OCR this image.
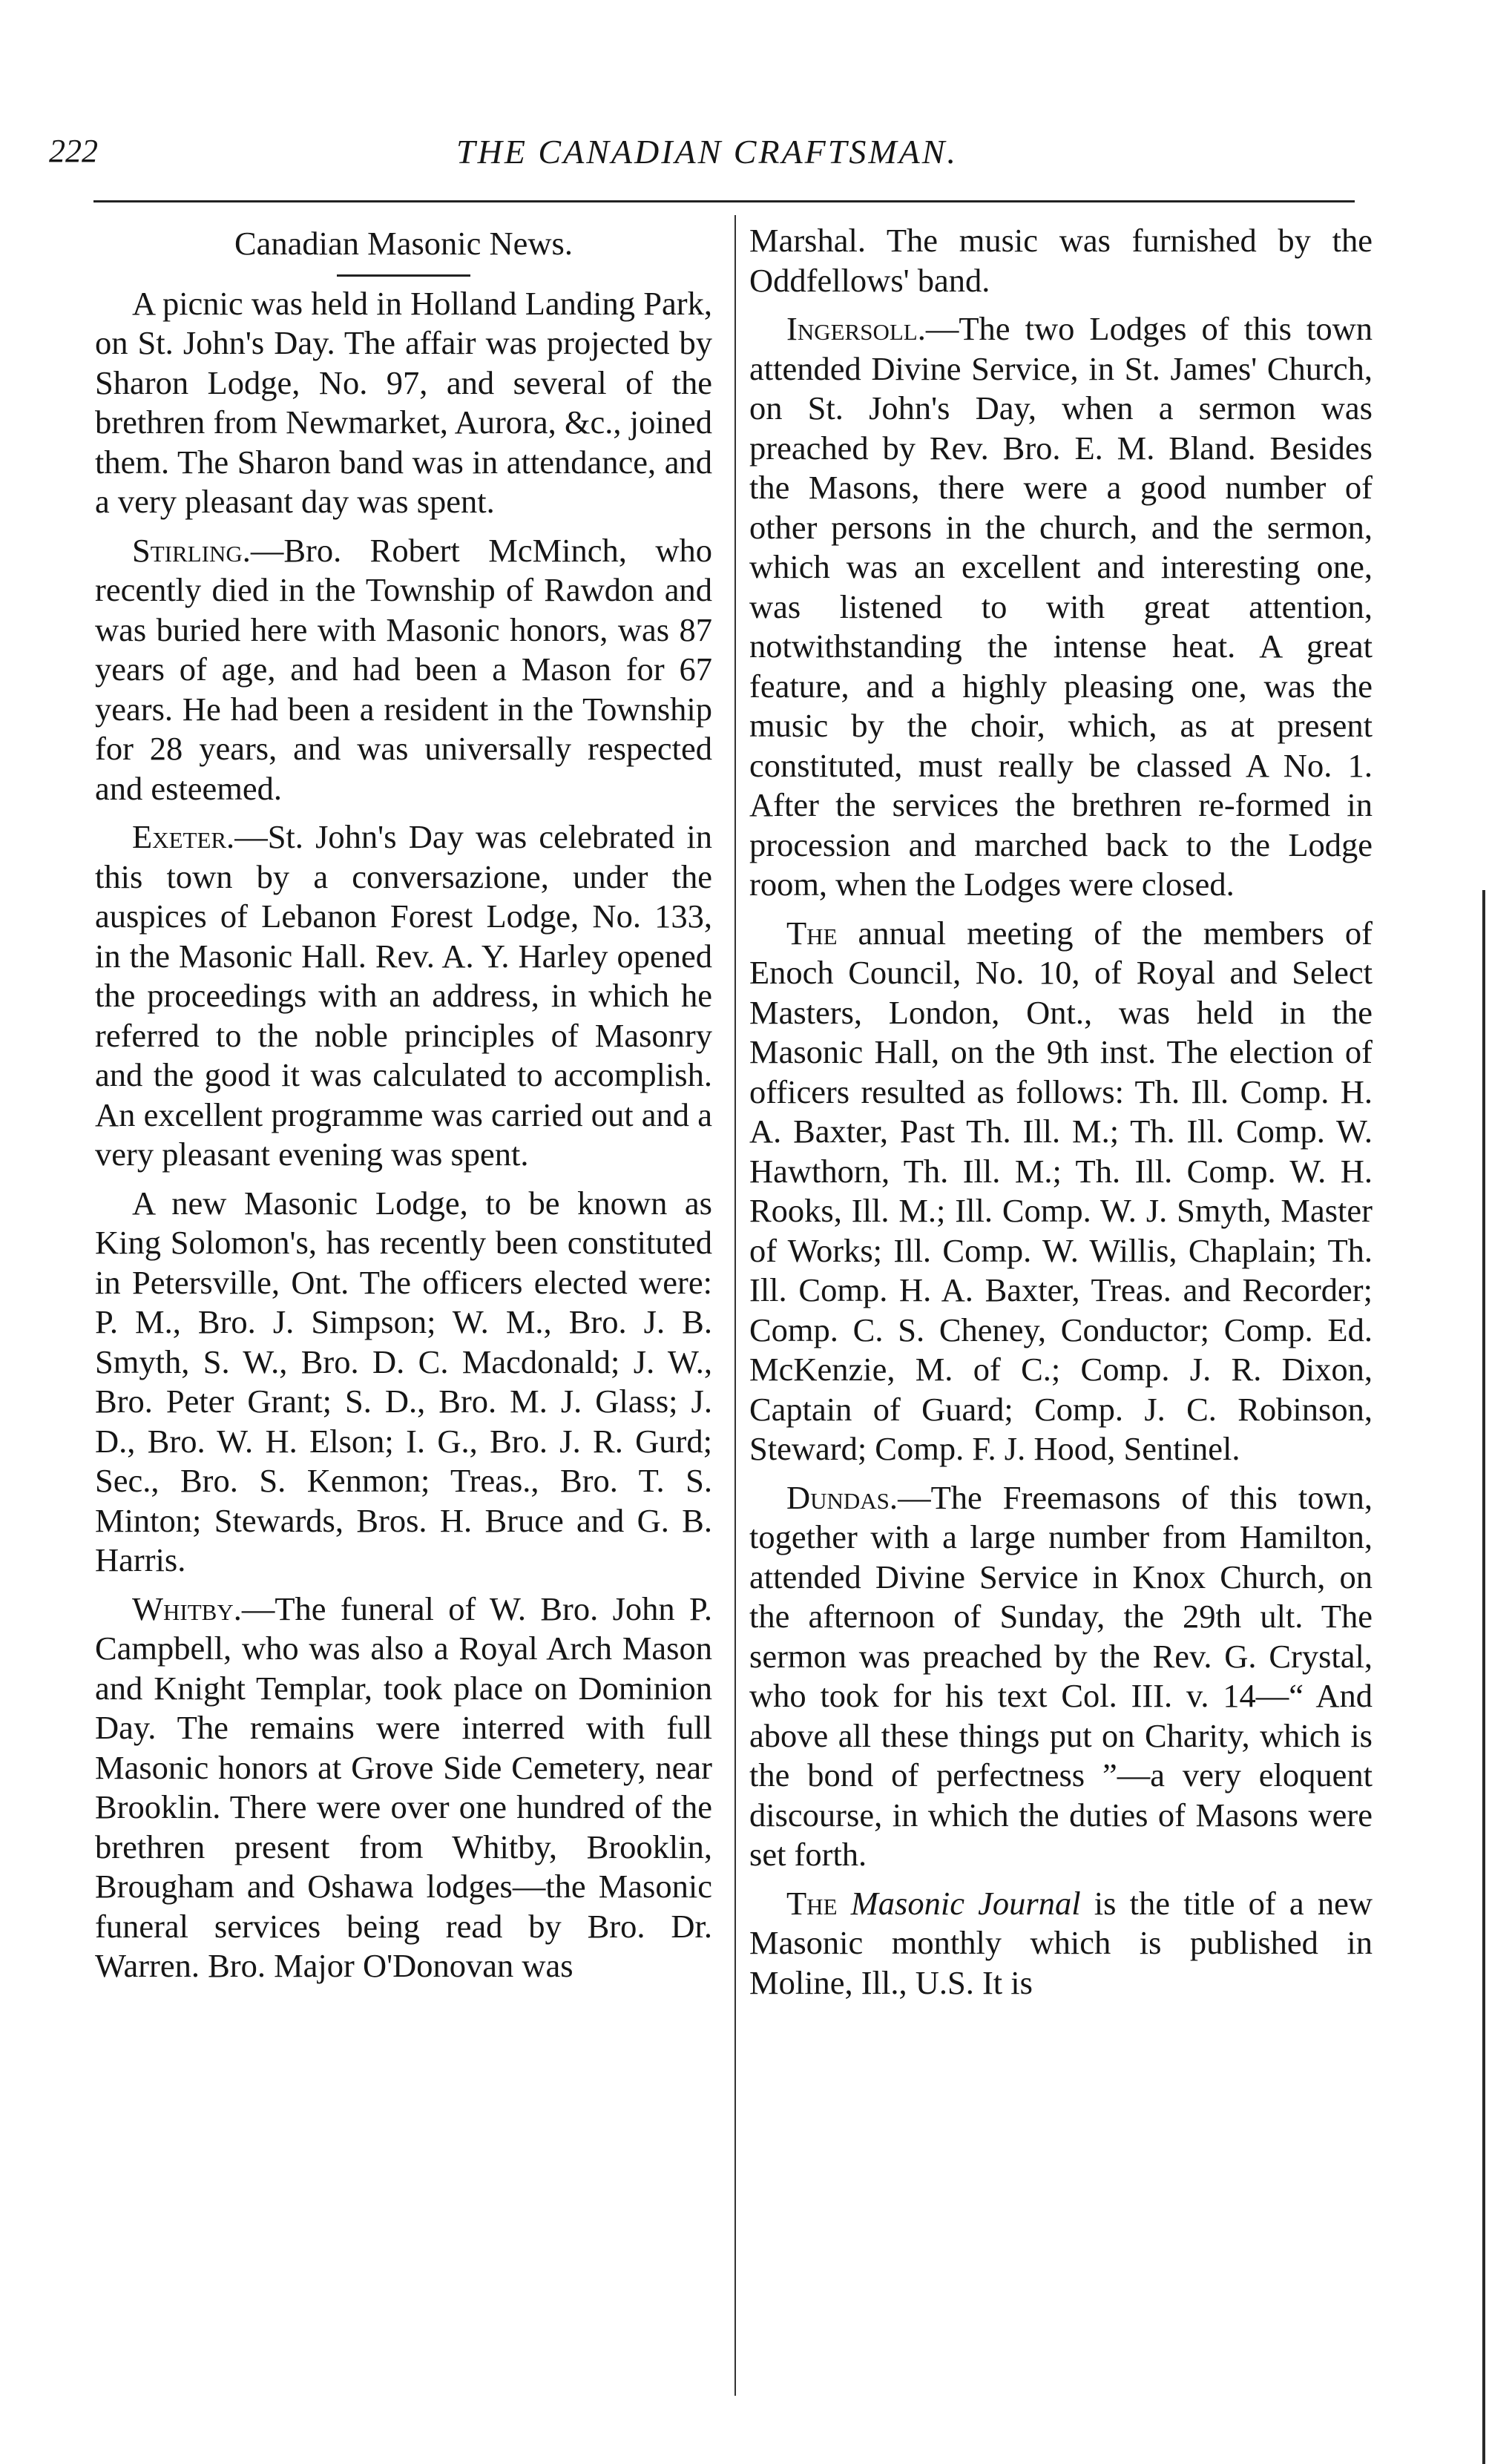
222	THE CANADIAN CRAFTSMAN.
Canadian Masonic News.

A picnic was held in Holland Landing Park, on St. John's Day. The affair was projected by Sharon Lodge, No. 97, and several of the brethren from Newmarket, Aurora, &c., joined them. The Sharon band was in attendance, and a very pleasant day was spent.

Stirling.—Bro. Robert McMinch, who recently died in the Township of Rawdon and was buried here with Masonic honors, was 87 years of age, and had been a Mason for 67 years. He had been a resident in the Township for 28 years, and was universally respected and esteemed.

Exeter.—St. John's Day was celebrated in this town by a conversazione, under the auspices of Lebanon Forest Lodge, No. 133, in the Masonic Hall. Rev. A. Y. Harley opened the proceedings with an address, in which he referred to the noble principles of Masonry and the good it was calculated to accomplish. An excellent programme was carried out and a very pleasant evening was spent.

A new Masonic Lodge, to be known as King Solomon's, has recently been constituted in Petersville, Ont. The officers elected were: P. M., Bro. J. Simpson; W. M., Bro. J. B. Smyth, S. W., Bro. D. C. Macdonald; J. W., Bro. Peter Grant; S. D., Bro. M. J. Glass; J. D., Bro. W. H. Elson; I. G., Bro. J. R. Gurd; Sec., Bro. S. Kenmon; Treas., Bro. T. S. Minton; Stewards, Bros. H. Bruce and G. B. Harris.

Whitby.—The funeral of W. Bro. John P. Campbell, who was also a Royal Arch Mason and Knight Templar, took place on Dominion Day. The remains were interred with full Masonic honors at Grove Side Cemetery, near Brooklin. There were over one hundred of the brethren present from Whitby, Brooklin, Brougham and Oshawa lodges—the Masonic funeral services being read by Bro. Dr. Warren. Bro. Major O'Donovan was

Marshal. The music was furnished by the Oddfellows' band.

Ingersoll.—The two Lodges of this town attended Divine Service, in St. James' Church, on St. John's Day, when a sermon was preached by Rev. Bro. E. M. Bland. Besides the Masons, there were a good number of other persons in the church, and the sermon, which was an excellent and interesting one, was listened to with great attention, notwithstanding the intense heat. A great feature, and a highly pleasing one, was the music by the choir, which, as at present constituted, must really be classed A No. 1. After the services the brethren re-formed in procession and marched back to the Lodge room, when the Lodges were closed.

The annual meeting of the members of Enoch Council, No. 10, of Royal and Select Masters, London, Ont., was held in the Masonic Hall, on the 9th inst. The election of officers resulted as follows: Th. Ill. Comp. H. A. Baxter, Past Th. Ill. M.; Th. Ill. Comp. W. Hawthorn, Th. Ill. M.; Th. Ill. Comp. W. H. Rooks, Ill. M.; Ill. Comp. W. J. Smyth, Master of Works; Ill. Comp. W. Willis, Chaplain; Th. Ill. Comp. H. A. Baxter, Treas. and Recorder; Comp. C. S. Cheney, Conductor; Comp. Ed. McKenzie, M. of C.; Comp. J. R. Dixon, Captain of Guard; Comp. J. C. Robinson, Steward; Comp. F. J. Hood, Sentinel.

Dundas.—The Freemasons of this town, together with a large number from Hamilton, attended Divine Service in Knox Church, on the afternoon of Sunday, the 29th ult. The sermon was preached by the Rev. G. Crystal, who took for his text Col. III. v. 14—“ And above all these things put on Charity, which is the bond of perfectness ”—a very eloquent discourse, in which the duties of Masons were set forth.

The Masonic Journal is the title of a new Masonic monthly which is published in Moline, Ill., U.S. It is
